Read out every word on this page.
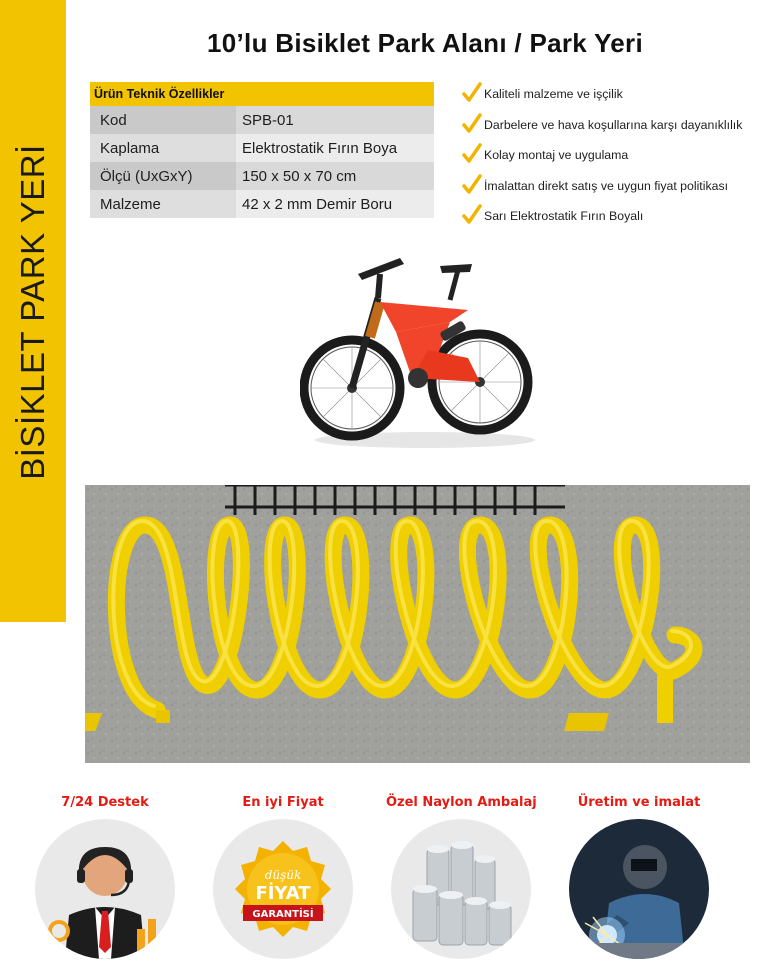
BİSİKLET PARK YERİ
10’lu Bisiklet Park Alanı / Park Yeri
Ürün Teknik Özellikler
Kod	SPB-01
Kaplama	Elektrostatik Fırın Boya
Ölçü (UxGxY)	150 x 50 x 70 cm
Malzeme	42 x 2 mm Demir Boru
Kaliteli malzeme ve işçilik
Darbelere ve hava koşullarına karşı dayanıklılık
Kolay montaj ve uygulama
İmalattan direkt satış ve uygun fiyat politikası
Sarı Elektrostatik Fırın Boyalı
7/24 Destek	En iyi Fiyat
düşük
FİYAT
GARANTİSİ
Özel Naylon Ambalaj	Üretim ve imalat
